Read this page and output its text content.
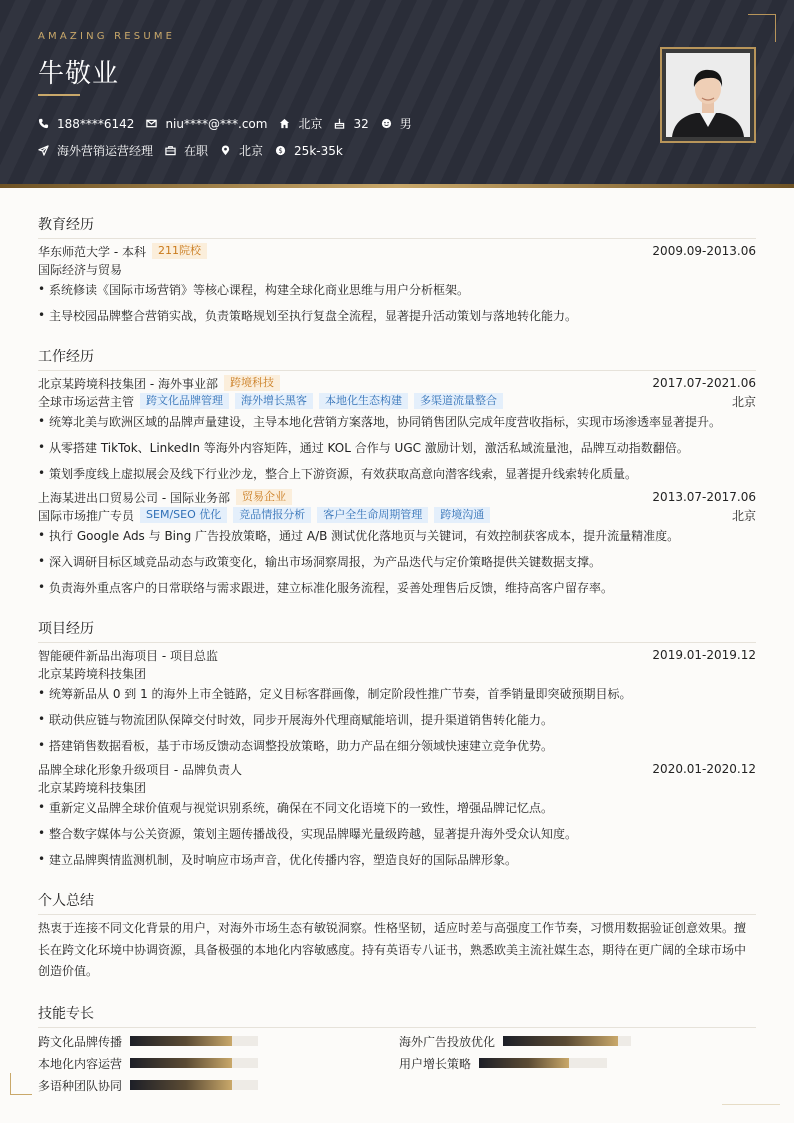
AMAZING RESUME
牛敬业
188****6142	niu****@***.com	北京	32	男
海外营销运营经理	在职	北京 $ 25k-35k
教育经历
华东师范大学 - 本科	211院校	2009.09-2013.06
国际经济与贸易
• 系统修读《国际市场营销》等核心课程，构建全球化商业思维与用户分析框架。
• 主导校园品牌整合营销实战，负责策略规划至执行复盘全流程，显著提升活动策划与落地转化能力。
工作经历
北京某跨境科技集团 - 海外事业部	跨境科技	2017.07-2021.06
全球市场运营主管	跨文化品牌管理	海外增长黑客	本地化生态构建	多渠道流量整合	北京
• 统筹北美与欧洲区域的品牌声量建设，主导本地化营销方案落地，协同销售团队完成年度营收指标，实现市场渗透率显著提升。
• 从零搭建 TikTok、LinkedIn 等海外内容矩阵，通过 KOL 合作与 UGC 激励计划，激活私域流量池，品牌互动指数翻倍。
• 策划季度线上虚拟展会及线下行业沙龙，整合上下游资源，有效获取高意向潜客线索，显著提升线索转化质量。
上海某进出口贸易公司 - 国际业务部	贸易企业	2013.07-2017.06
国际市场推广专员	SEM/SEO 优化	竞品情报分析	客户全生命周期管理	跨境沟通	北京
• 执行 Google Ads 与 Bing 广告投放策略，通过 A/B 测试优化落地页与关键词，有效控制获客成本，提升流量精准度。
• 深入调研目标区域竞品动态与政策变化，输出市场洞察周报，为产品迭代与定价策略提供关键数据支撑。
• 负责海外重点客户的日常联络与需求跟进，建立标准化服务流程，妥善处理售后反馈，维持高客户留存率。
项目经历
智能硬件新品出海项目 - 项目总监	2019.01-2019.12
北京某跨境科技集团
• 统筹新品从 0 到 1 的海外上市全链路，定义目标客群画像，制定阶段性推广节奏，首季销量即突破预期目标。
• 联动供应链与物流团队保障交付时效，同步开展海外代理商赋能培训，提升渠道销售转化能力。
• 搭建销售数据看板，基于市场反馈动态调整投放策略，助力产品在细分领域快速建立竞争优势。
品牌全球化形象升级项目 - 品牌负责人	2020.01-2020.12
北京某跨境科技集团
• 重新定义品牌全球价值观与视觉识别系统，确保在不同文化语境下的一致性，增强品牌记忆点。
• 整合数字媒体与公关资源，策划主题传播战役，实现品牌曝光量级跨越，显著提升海外受众认知度。
• 建立品牌舆情监测机制，及时响应市场声音，优化传播内容，塑造良好的国际品牌形象。
个人总结
热衷于连接不同文化背景的用户，对海外市场生态有敏锐洞察。性格坚韧，适应时差与高强度工作节奏，习惯用数据验证创意效果。擅长在跨文化环境中协调资源，具备极强的本地化内容敏感度。持有英语专八证书，熟悉欧美主流社媒生态，期待在更广阔的全球市场中创造价值。
技能专长
跨文化品牌传播	海外广告投放优化
本地化内容运营	用户增长策略
多语种团队协同
